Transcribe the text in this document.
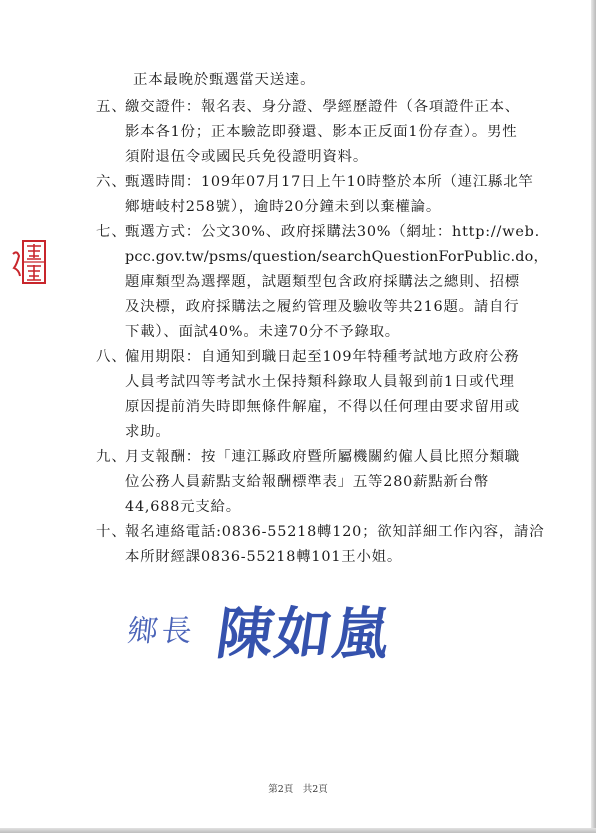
正本最晚於甄選當天送達。
五、
繳交證件：報名表、身分證、學經歷證件（各項證件正本、
影本各1份；正本驗訖即發還、影本正反面1份存查）。男性
須附退伍令或國民兵免役證明資料。
六、
甄選時間：109年07月17日上午10時整於本所（連江縣北竿
鄉塘岐村258號），逾時20分鐘未到以棄權論。
七、
甄選方式：公文30%、政府採購法30%（網址：http://web.
pcc.gov.tw/psms/question/searchQuestionForPublic.do，
題庫類型為選擇題，試題類型包含政府採購法之總則、招標
及決標，政府採購法之履約管理及驗收等共216題。請自行
下載）、面試40%。未達70分不予錄取。
八、
僱用期限：自通知到職日起至109年特種考試地方政府公務
人員考試四等考試水土保持類科錄取人員報到前1日或代理
原因提前消失時即無條件解雇，不得以任何理由要求留用或
求助。
九、
月支報酬：按「連江縣政府暨所屬機關約僱人員比照分類職
位公務人員薪點支給報酬標準表」五等280薪點新台幣
44,688元支給。
十、
報名連絡電話:0836-55218轉120；欲知詳細工作內容，請洽
本所財經課0836-55218轉101王小姐。
鄉長 陳如嵐
第2頁　共2頁
